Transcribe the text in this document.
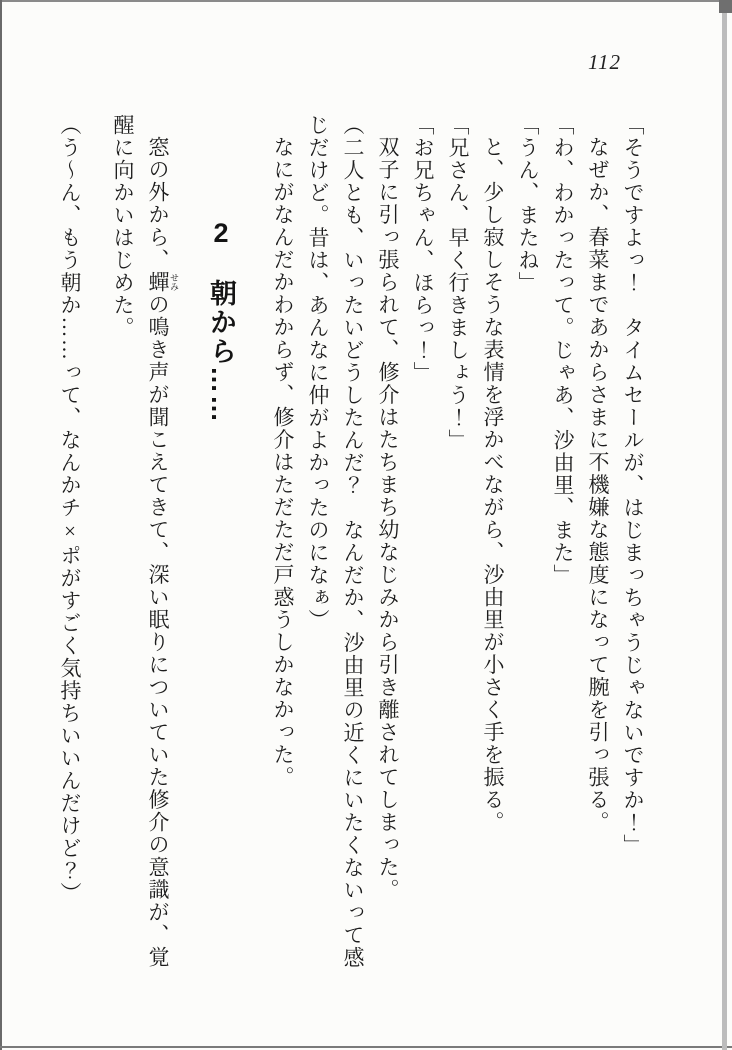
112

「そうですよっ！　タイムセールが、はじまっちゃうじゃないですか！」

なぜか、春菜まであからさまに不機嫌な態度になって腕を引っ張る。

「わ、わかったって。じゃあ、沙由里、また」

「うん、またね」

と、少し寂しそうな表情を浮かべながら、沙由里が小さく手を振る。

「兄さん、早く行きましょう！」

「お兄ちゃん、ほらっ！」

双子に引っ張られて、修介はたちまち幼なじみから引き離されてしまった。

（二人とも、いったいどうしたんだ？　なんだか、沙由里の近くにいたくないって感

じだけど。昔は、あんなに仲がよかったのになぁ）

なにがなんだかわからず、修介はただただ戸惑うしかなかった。

2　朝から……

窓の外から、蟬 せみの鳴き声が聞こえてきて、深い眠りについていた修介の意識が、覚

醒に向かいはじめた。

（う～ん、もう朝か……って、なんかチ×ポがすごく気持ちいいんだけど？）
